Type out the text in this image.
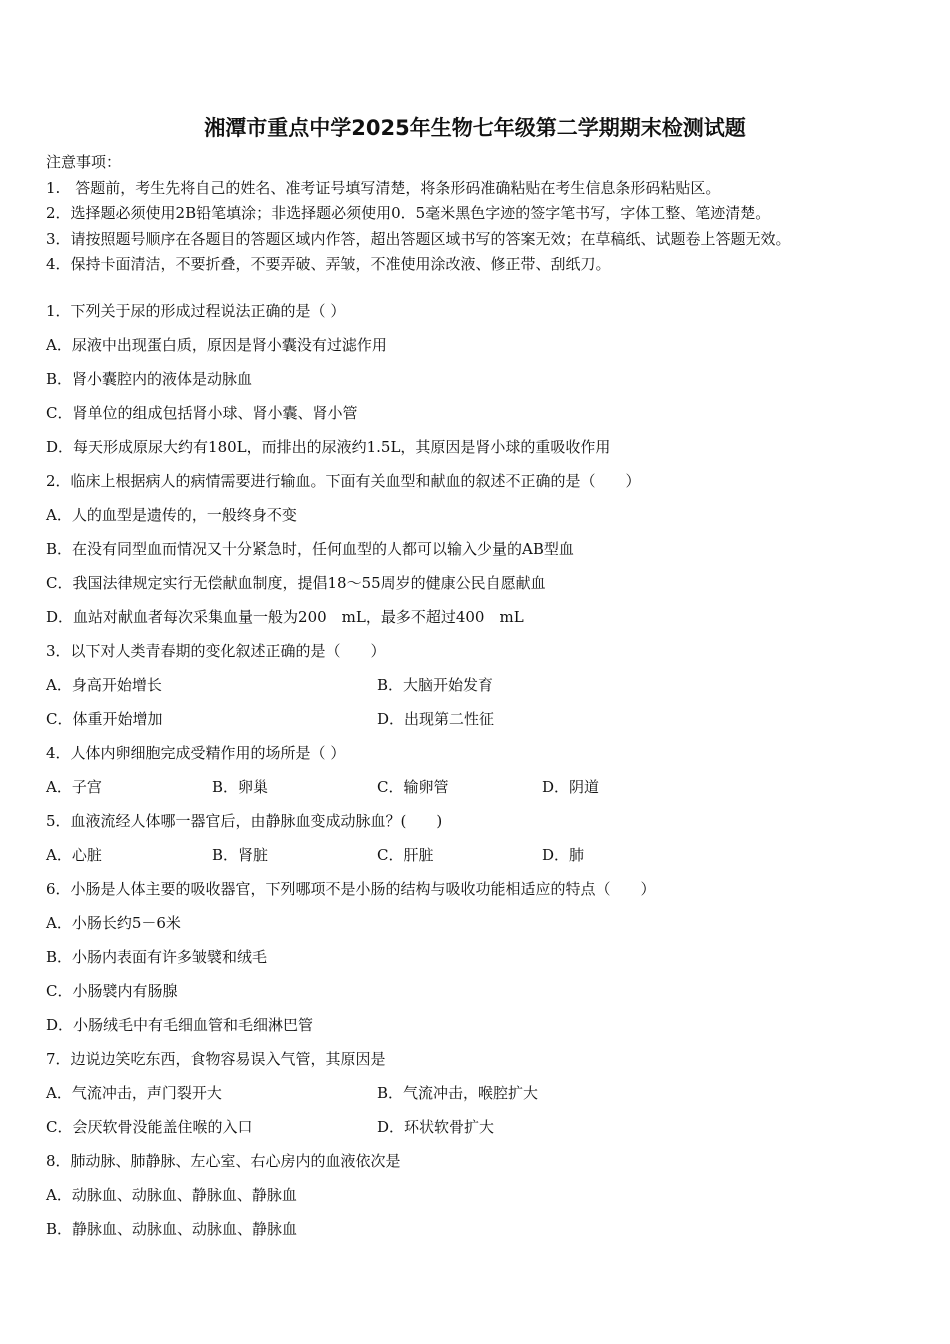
湘潭市重点中学2025年生物七年级第二学期期末检测试题
注意事项：
1.　答题前，考生先将自己的姓名、准考证号填写清楚，将条形码准确粘贴在考生信息条形码粘贴区。
2．选择题必须使用2B铅笔填涂；非选择题必须使用0．5毫米黑色字迹的签字笔书写，字体工整、笔迹清楚。
3．请按照题号顺序在各题目的答题区域内作答，超出答题区域书写的答案无效；在草稿纸、试题卷上答题无效。
4．保持卡面清洁，不要折叠，不要弄破、弄皱，不准使用涂改液、修正带、刮纸刀。
1．下列关于尿的形成过程说法正确的是（ ）
A．尿液中出现蛋白质，原因是肾小囊没有过滤作用
B．肾小囊腔内的液体是动脉血
C．肾单位的组成包括肾小球、肾小囊、肾小管
D．每天形成原尿大约有180L，而排出的尿液约1.5L，其原因是肾小球的重吸收作用
2．临床上根据病人的病情需要进行输血。下面有关血型和献血的叙述不正确的是（　　）
A．人的血型是遗传的，一般终身不变
B．在没有同型血而情况又十分紧急时，任何血型的人都可以输入少量的AB型血
C．我国法律规定实行无偿献血制度，提倡18～55周岁的健康公民自愿献血
D．血站对献血者每次采集血量一般为200　mL，最多不超过400　mL
3．以下对人类青春期的变化叙述正确的是（　　）
A．身高开始增长	B．大脑开始发育
C．体重开始增加	D．出现第二性征
4．人体内卵细胞完成受精作用的场所是（ ）
A．子宫	B．卵巢	C．输卵管	D．阴道
5．血液流经人体哪一器官后，由静脉血变成动脉血？(　　)
A．心脏	B．肾脏	C．肝脏	D．肺
6．小肠是人体主要的吸收器官，下列哪项不是小肠的结构与吸收功能相适应的特点（　　）
A．小肠长约5－6米
B．小肠内表面有许多皱襞和绒毛
C．小肠襞内有肠腺
D．小肠绒毛中有毛细血管和毛细淋巴管
7．边说边笑吃东西，食物容易误入气管，其原因是
A．气流冲击，声门裂开大	B．气流冲击，喉腔扩大
C．会厌软骨没能盖住喉的入口	D．环状软骨扩大
8．肺动脉、肺静脉、左心室、右心房内的血液依次是
A．动脉血、动脉血、静脉血、静脉血
B．静脉血、动脉血、动脉血、静脉血
